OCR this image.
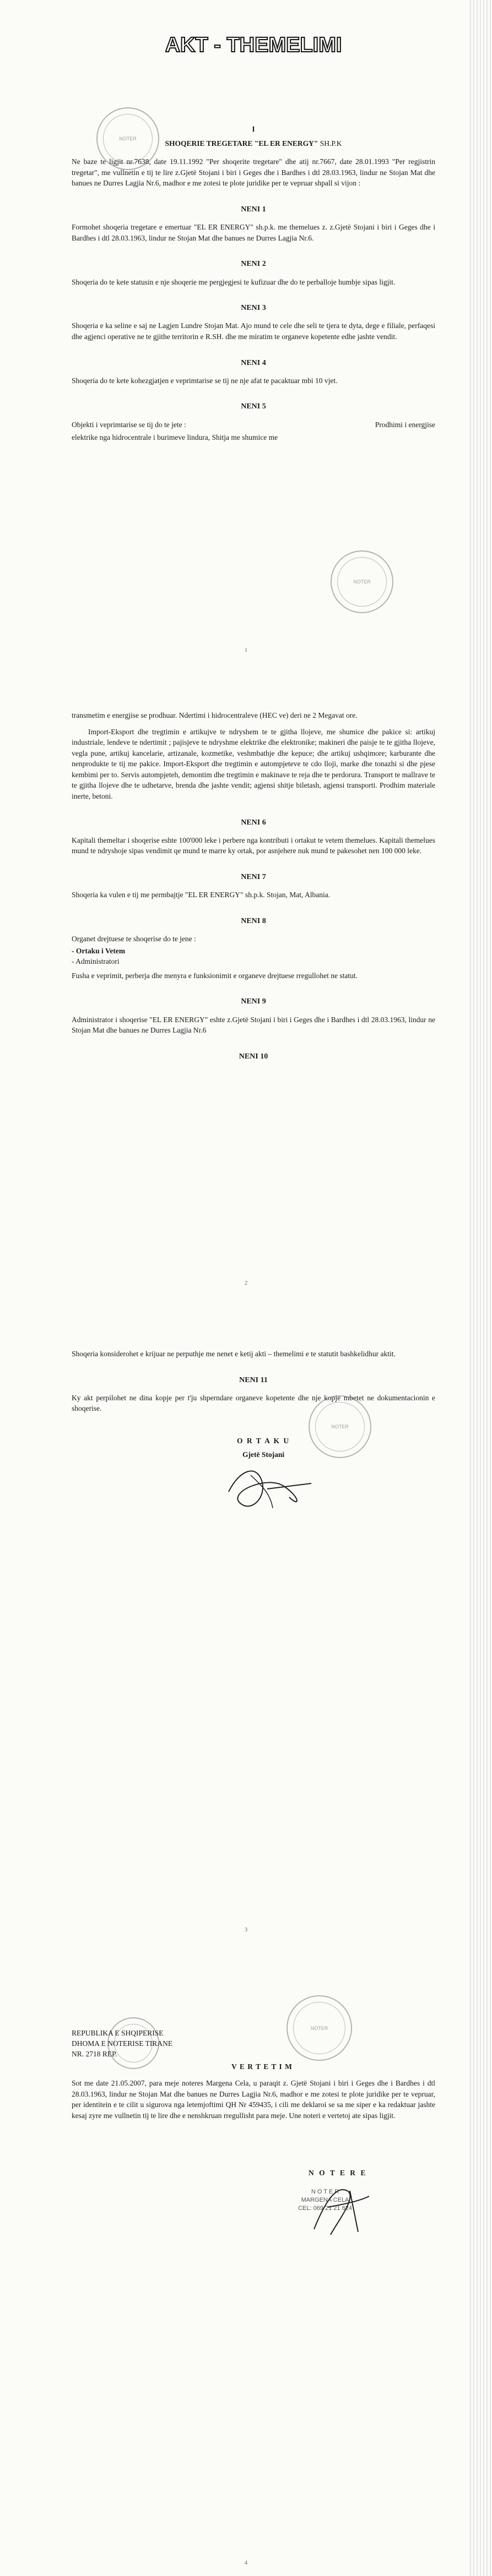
AKT - THEMELIMI
NOTER
I
SHOQERIE TREGETARE "EL ER ENERGY" SH.P.K

Ne baze te ligjit nr.7638, date 19.11.1992 "Per shoqerite tregetare" dhe atij nr.7667, date 28.01.1993 "Per regjistrin tregetar", me vullnetin e tij te lire z.Gjetë Stojani i biri i Geges dhe i Bardhes i dtl 28.03.1963, lindur ne Stojan Mat dhe banues ne Durres Lagjia Nr.6, madhor e me zotesi te plote juridike per te vepruar shpall si vijon :

NENI 1

Formohet shoqeria tregetare e emertuar "EL ER ENERGY" sh.p.k. me themelues z. z.Gjetë Stojani i biri i Geges dhe i Bardhes i dtl 28.03.1963, lindur ne Stojan Mat dhe banues ne Durres Lagjia Nr.6.

NENI 2

Shoqeria do te kete statusin e nje shoqerie me pergjegjesi te kufizuar dhe do te perballoje humbje sipas ligjit.

NENI 3

Shoqeria e ka seline e saj ne Lagjen Lundre Stojan Mat. Ajo mund te cele dhe seli te tjera te dyta, dege e filiale, perfaqesi dhe agjenci operative ne te gjithe territorin e R.SH. dhe me miratim te organeve kopetente edhe jashte vendit.

NENI 4

Shoqeria do te kete kohezgjatjen e veprimtarise se tij ne nje afat te pacaktuar mbi 10 vjet.

NENI 5

Objekti i veprimtarise se tij do te jete :	Prodhimi i energjise

elektrike nga hidrocentrale i burimeve lindura, Shitja me shumice me

NOTER
1

transmetim e energjise se prodhuar. Ndertimi i hidrocentraleve (HEC ve) deri ne 2 Megavat ore.

Import-Eksport dhe tregtimin e artikujve te ndryshem te te gjitha llojeve, me shumice dhe pakice si: artikuj industriale, lendeve te ndertimit ; pajisjeve te ndryshme elektrike dhe elektronike; makineri dhe paisje te te gjitha llojeve, vegla pune, artikuj kancelarie, artizanale, kozmetike, veshmbathje dhe kepuce; dhe artikuj ushqimore; karburante dhe nenprodukte te tij me pakice. Import-Eksport dhe tregtimin e autompjeteve te cdo lloji, marke dhe tonazhi si dhe pjese kembimi per to. Servis autompjeteh, demontim dhe tregtimin e makinave te reja dhe te perdorura. Transport te mallrave te te gjitha llojeve dhe te udhetarve, brenda dhe jashte vendit; agjensi shitje biletash, agjensi transporti. Prodhim materiale inerte, betoni.

NENI 6

Kapitali themeltar i shoqerise eshte 100'000 leke i perbere nga kontributi i ortakut te vetem themelues. Kapitali themelues mund te ndryshoje sipas vendimit qe mund te marre ky ortak, por asnjehere nuk mund te pakesohet nen 100 000 leke.

NENI 7

Shoqeria ka vulen e tij me permbajtje "EL ER ENERGY" sh.p.k. Stojan, Mat, Albania.

NENI 8

Organet drejtuese te shoqerise do te jene :

- Ortaku i Vetem
- Administratori

Fusha e veprimit, perberja dhe menyra e funksionimit e organeve drejtuese rregullohet ne statut.

NENI 9

Administrator i shoqerise "EL ER ENERGY" eshte z.Gjetë Stojani i biri i Geges dhe i Bardhes i dtl 28.03.1963, lindur ne Stojan Mat dhe banues ne Durres Lagjia Nr.6

NENI 10
2

Shoqeria konsiderohet e krijuar ne perputhje me nenet e ketij akti – themelimi e te statutit bashkelidhur aktit.

NENI 11

Ky akt perpilohet ne dina kopje per t'ju shperndare organeve kopetente dhe nje kopje mbetet ne dokumentacionin e shoqerise.

O R T A K U
Gjetë Stojani
NOTER
3
NOTER
REPUBLIKA E SHQIPERISE
DHOMA E NOTERISE TIRANE
NR. 2718 REP.
V E R T E T I M

Sot me date 21.05.2007, para meje noteres Margena Cela, u paraqit z. Gjetë Stojani i biri i Geges dhe i Bardhes i dtl 28.03.1963, lindur ne Stojan Mat dhe banues ne Durres Lagjia Nr.6, madhor e me zotesi te plote juridike per te vepruar, per identitein e te cilit u sigurova nga letemjoftimi QH Nr 459435, i cili me deklaroi se sa me siper e ka redaktuar jashte kesaj zyre me vullnetin tij te lire dhe e nenshkruan rregullisht para meje. Une noteri e vertetoj ate sipas ligjit.

N O T E R E
N O T E R
MARGENA CELA
CEL: 069 21 21 624
4
